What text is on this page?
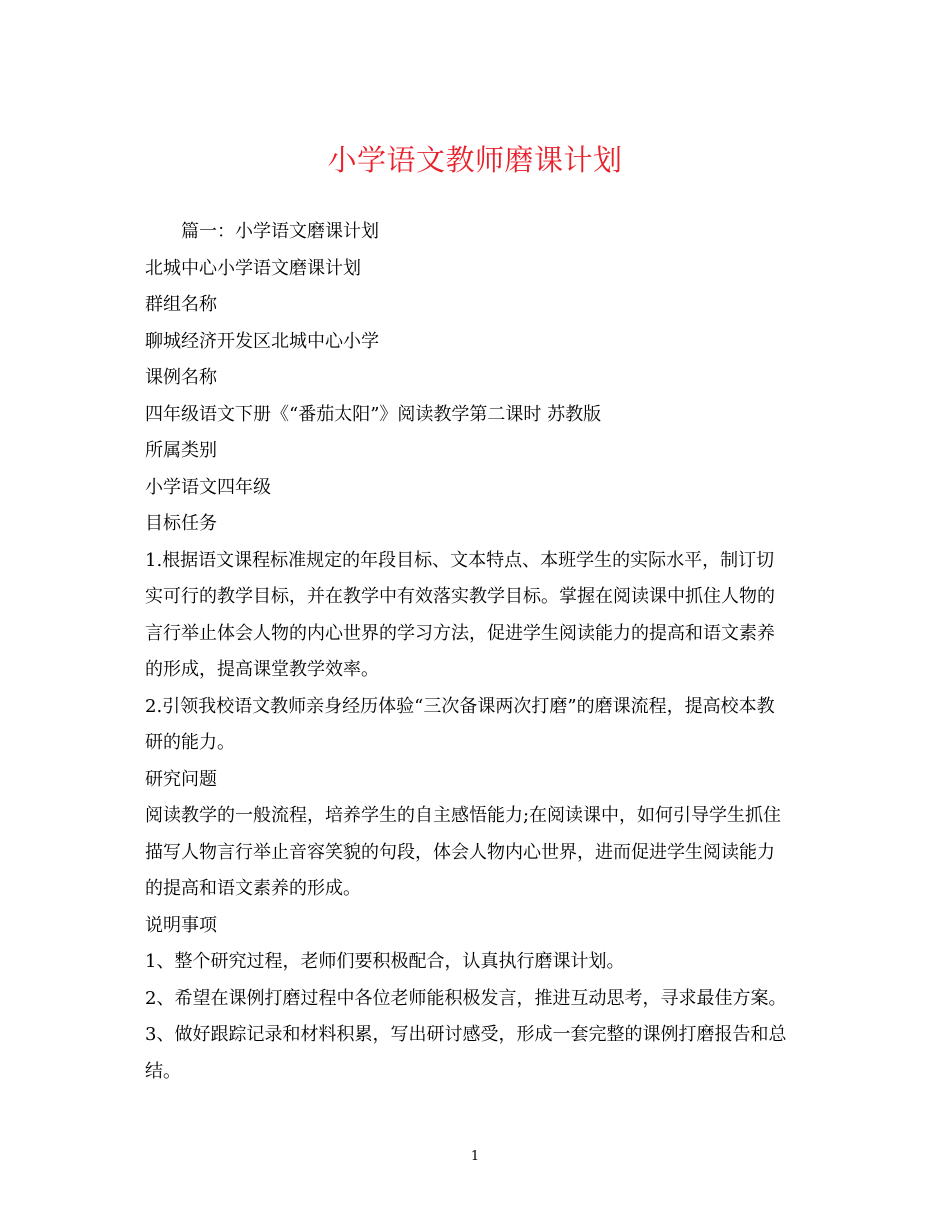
小学语文教师磨课计划
篇一：小学语文磨课计划
北城中心小学语文磨课计划
群组名称
聊城经济开发区北城中心小学
课例名称
四年级语文下册《“番茄太阳”》阅读教学第二课时 苏教版
所属类别
小学语文四年级
目标任务
1.根据语文课程标准规定的年段目标、文本特点、本班学生的实际水平，制订切
实可行的教学目标，并在教学中有效落实教学目标。掌握在阅读课中抓住人物的
言行举止体会人物的内心世界的学习方法，促进学生阅读能力的提高和语文素养
的形成，提高课堂教学效率。
2.引领我校语文教师亲身经历体验“三次备课两次打磨”的磨课流程，提高校本教
研的能力。
研究问题
阅读教学的一般流程，培养学生的自主感悟能力;在阅读课中，如何引导学生抓住
描写人物言行举止音容笑貌的句段，体会人物内心世界，进而促进学生阅读能力
的提高和语文素养的形成。
说明事项
1、整个研究过程，老师们要积极配合，认真执行磨课计划。
2、希望在课例打磨过程中各位老师能积极发言，推进互动思考，寻求最佳方案。
3、做好跟踪记录和材料积累，写出研讨感受，形成一套完整的课例打磨报告和总
结。
1
